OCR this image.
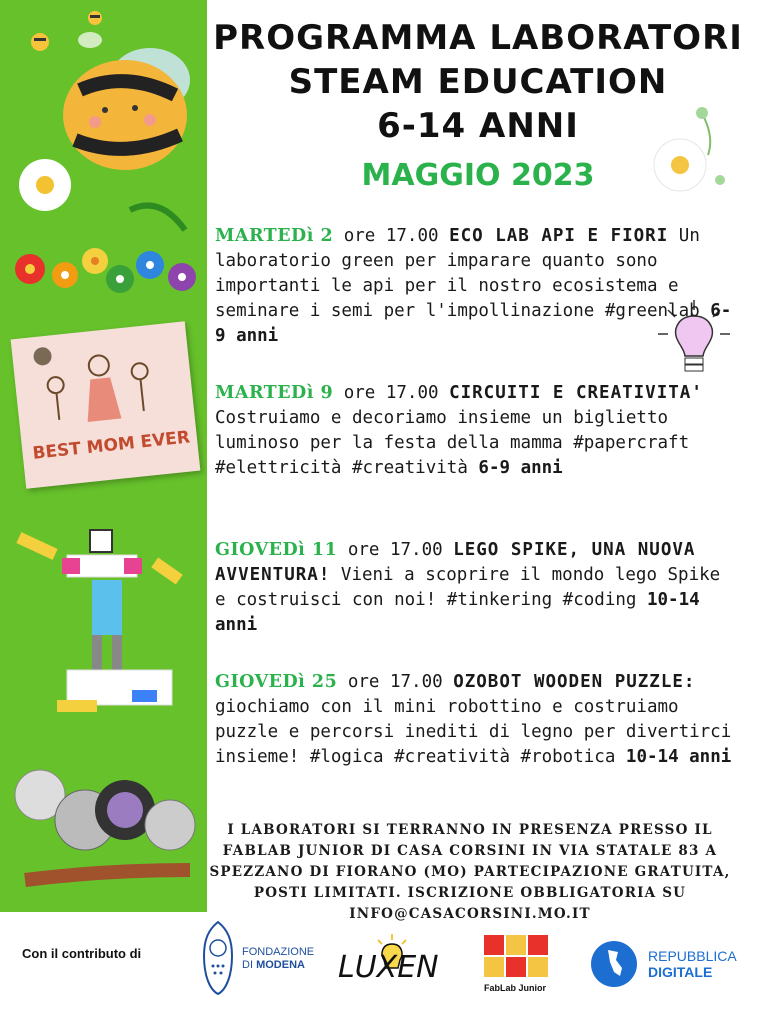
BEST MOM EVER
PROGRAMMA LABORATORI
STEAM EDUCATION
6-14 ANNI
MAGGIO 2023
MARTEDì 2 ore 17.00 ECO LAB API E FIORI Un laboratorio green per imparare quanto sono importanti le api per il nostro ecosistema e seminare i semi per l'impollinazione #greenlab 6-9 anni
MARTEDì 9 ore 17.00 CIRCUITI E CREATIVITA' Costruiamo e decoriamo insieme un biglietto luminoso per la festa della mamma #papercraft #elettricità #creatività 6-9 anni
GIOVEDì 11 ore 17.00 LEGO SPIKE, UNA NUOVA AVVENTURA! Vieni a scoprire il mondo lego Spike e costruisci con noi! #tinkering #coding 10-14 anni
GIOVEDì 25 ore 17.00 OZOBOT WOODEN PUZZLE: giochiamo con il mini robottino e costruiamo puzzle e percorsi inediti di legno per divertirci insieme! #logica #creatività #robotica 10-14 anni
I LABORATORI SI TERRANNO IN PRESENZA PRESSO IL FABLAB JUNIOR DI CASA CORSINI IN VIA STATALE 83 A SPEZZANO DI FIORANO (MO) PARTECIPAZIONE GRATUITA, POSTI LIMITATI. ISCRIZIONE OBBLIGATORIA SU INFO@CASACORSINI.MO.IT
Con il contributo di	FONDAZIONE
DI MODENA	LUXEN
FabLab Junior
REPUBBLICA
DIGITALE
